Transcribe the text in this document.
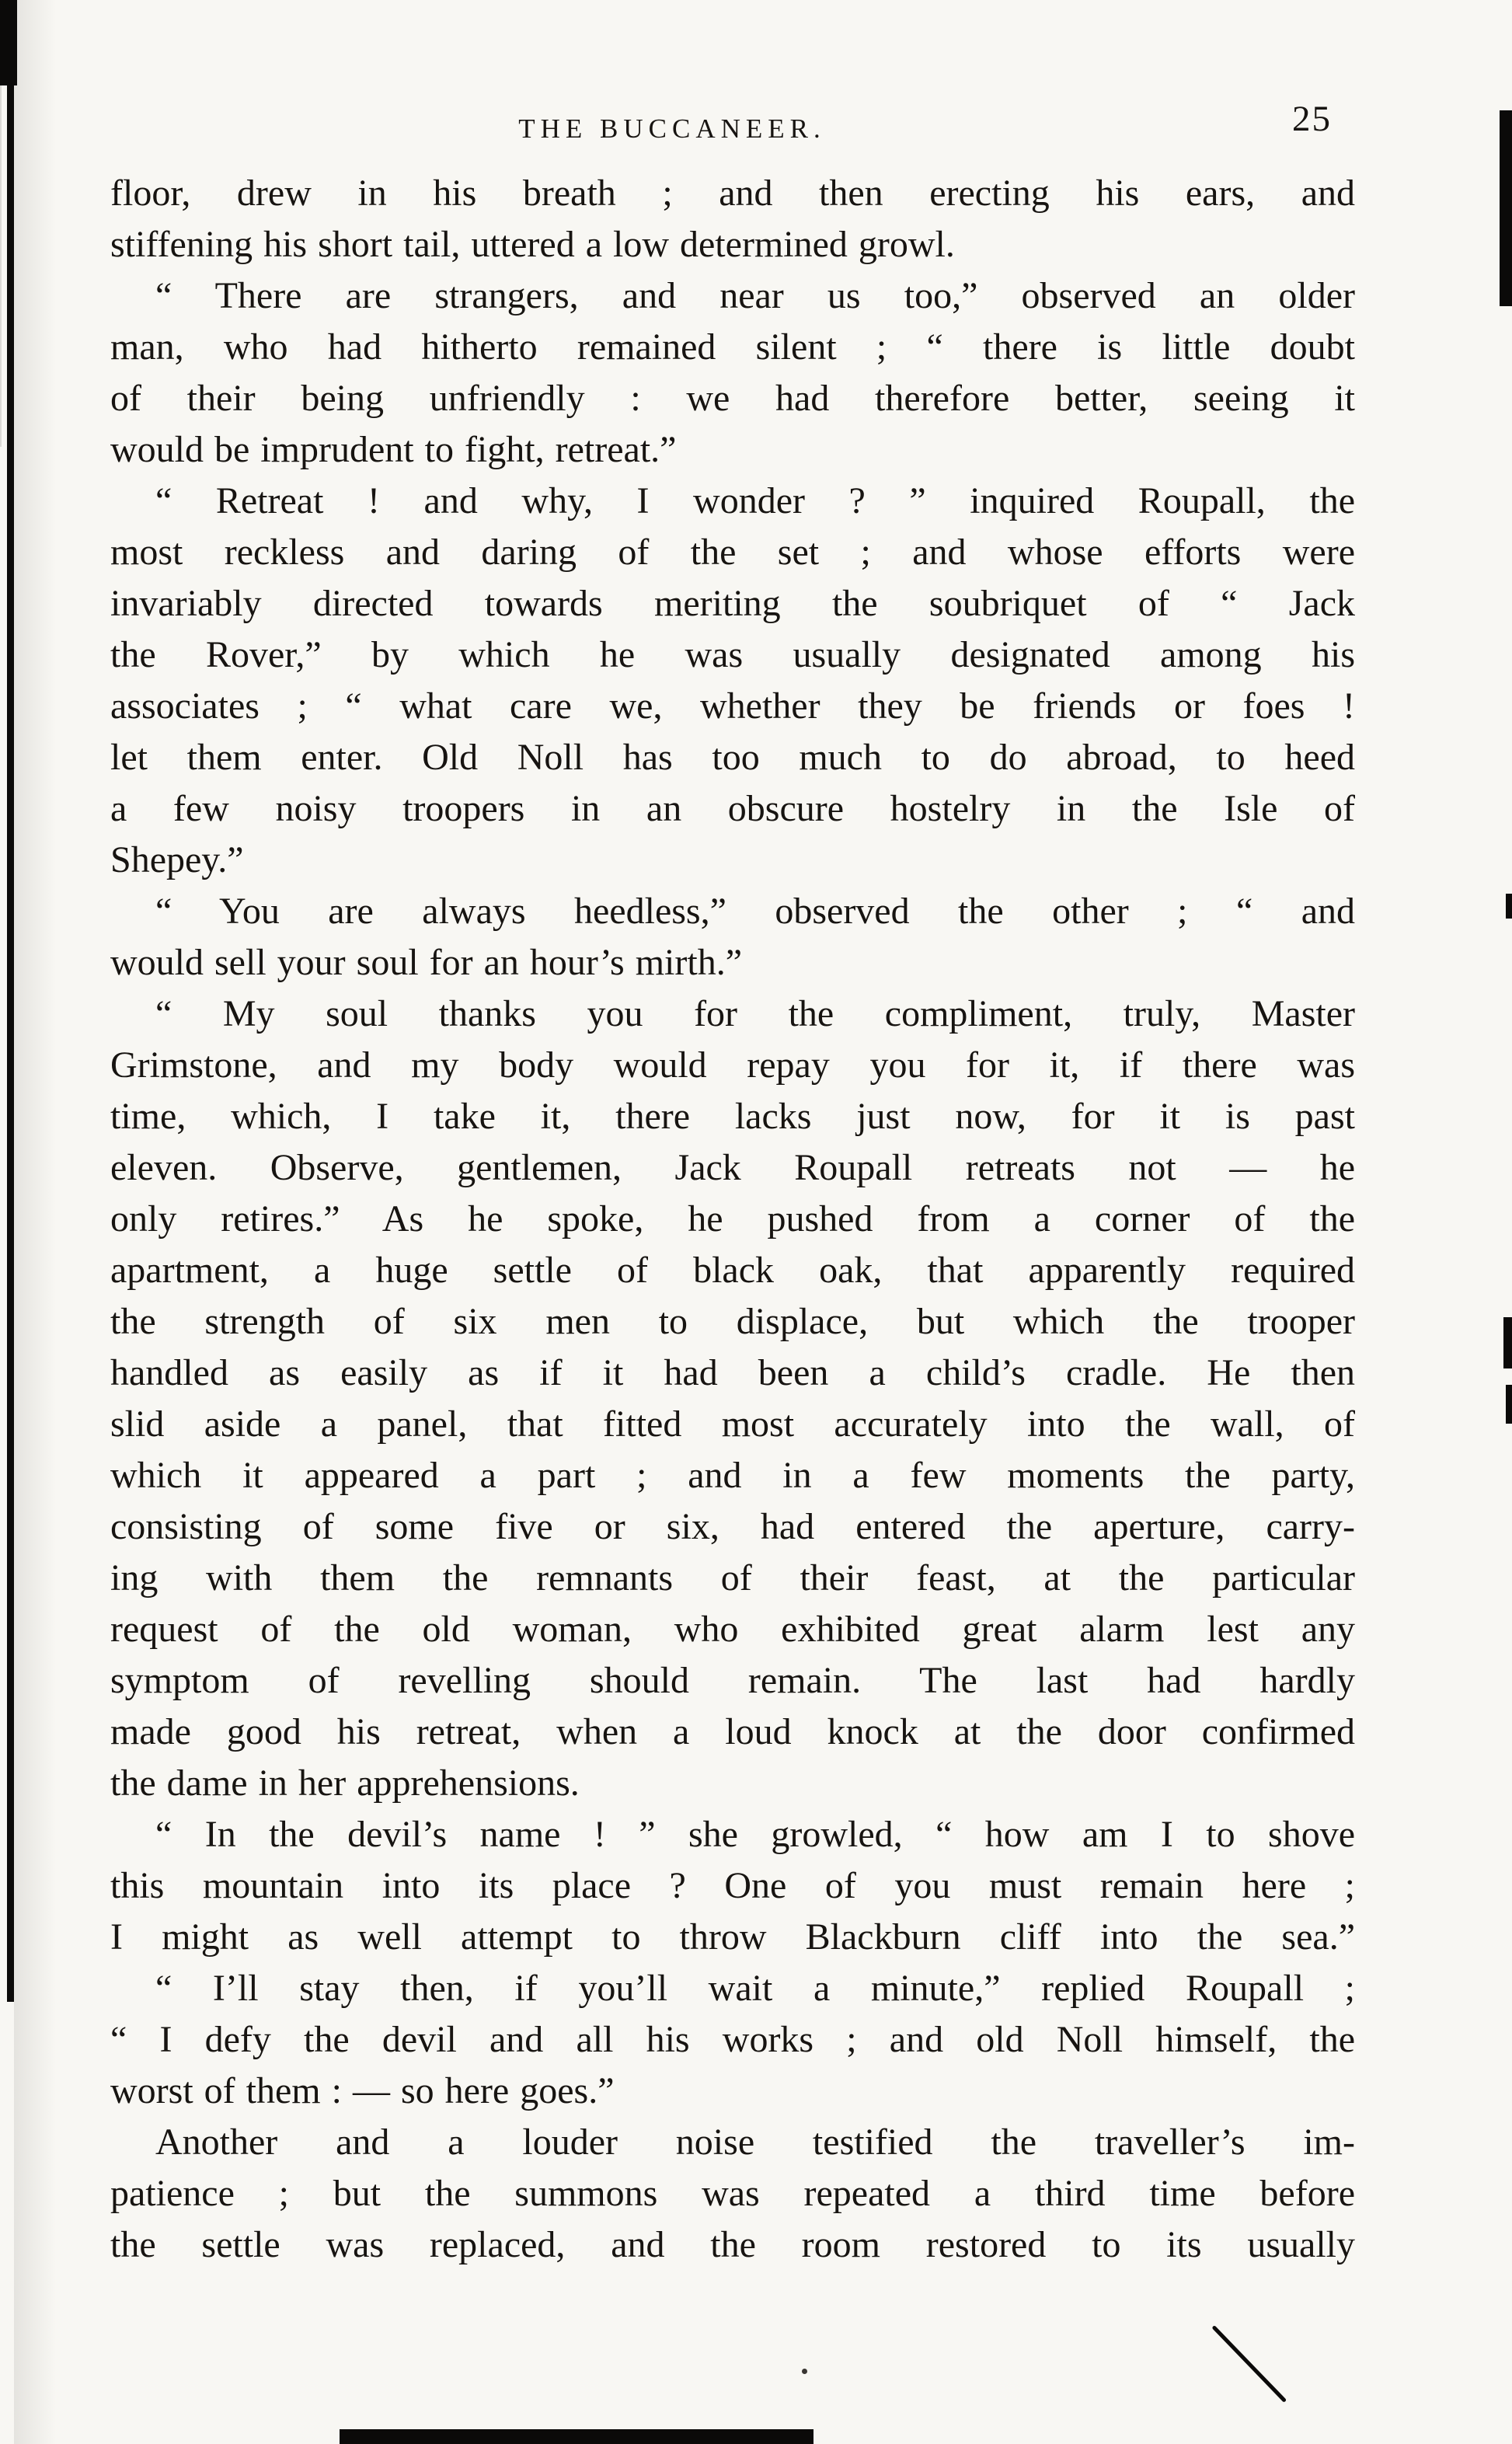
THE BUCCANEER.	25

floor, drew in his breath ; and then erecting his ears, and
stiffening his short tail, uttered a low determined growl.

“ There are strangers, and near us too,” observed an older
man, who had hitherto remained silent ; “ there is little doubt
of their being unfriendly : we had therefore better, seeing it
would be imprudent to fight, retreat.”

“ Retreat ! and why, I wonder ? ” inquired Roupall, the
most reckless and daring of the set ; and whose efforts were
invariably directed towards meriting the soubriquet of “ Jack
the Rover,” by which he was usually designated among his
associates ; “ what care we, whether they be friends or foes !
let them enter. Old Noll has too much to do abroad, to heed
a few noisy troopers in an obscure hostelry in the Isle of
Shepey.”

“ You are always heedless,” observed the other ; “ and
would sell your soul for an hour’s mirth.”

“ My soul thanks you for the compliment, truly, Master
Grimstone, and my body would repay you for it, if there was
time, which, I take it, there lacks just now, for it is past
eleven. Observe, gentlemen, Jack Roupall retreats not — he
only retires.” As he spoke, he pushed from a corner of the
apartment, a huge settle of black oak, that apparently required
the strength of six men to displace, but which the trooper
handled as easily as if it had been a child’s cradle. He then
slid aside a panel, that fitted most accurately into the wall, of
which it appeared a part ; and in a few moments the party,
consisting of some five or six, had entered the aperture, carry-
ing with them the remnants of their feast, at the particular
request of the old woman, who exhibited great alarm lest any
symptom of revelling should remain. The last had hardly
made good his retreat, when a loud knock at the door confirmed
the dame in her apprehensions.

“ In the devil’s name ! ” she growled, “ how am I to shove
this mountain into its place ? One of you must remain here ;
I might as well attempt to throw Blackburn cliff into the sea.”

“ I’ll stay then, if you’ll wait a minute,” replied Roupall ;
“ I defy the devil and all his works ; and old Noll himself, the
worst of them : — so here goes.”

Another and a louder noise testified the traveller’s im-
patience ; but the summons was repeated a third time before
the settle was replaced, and the room restored to its usually
